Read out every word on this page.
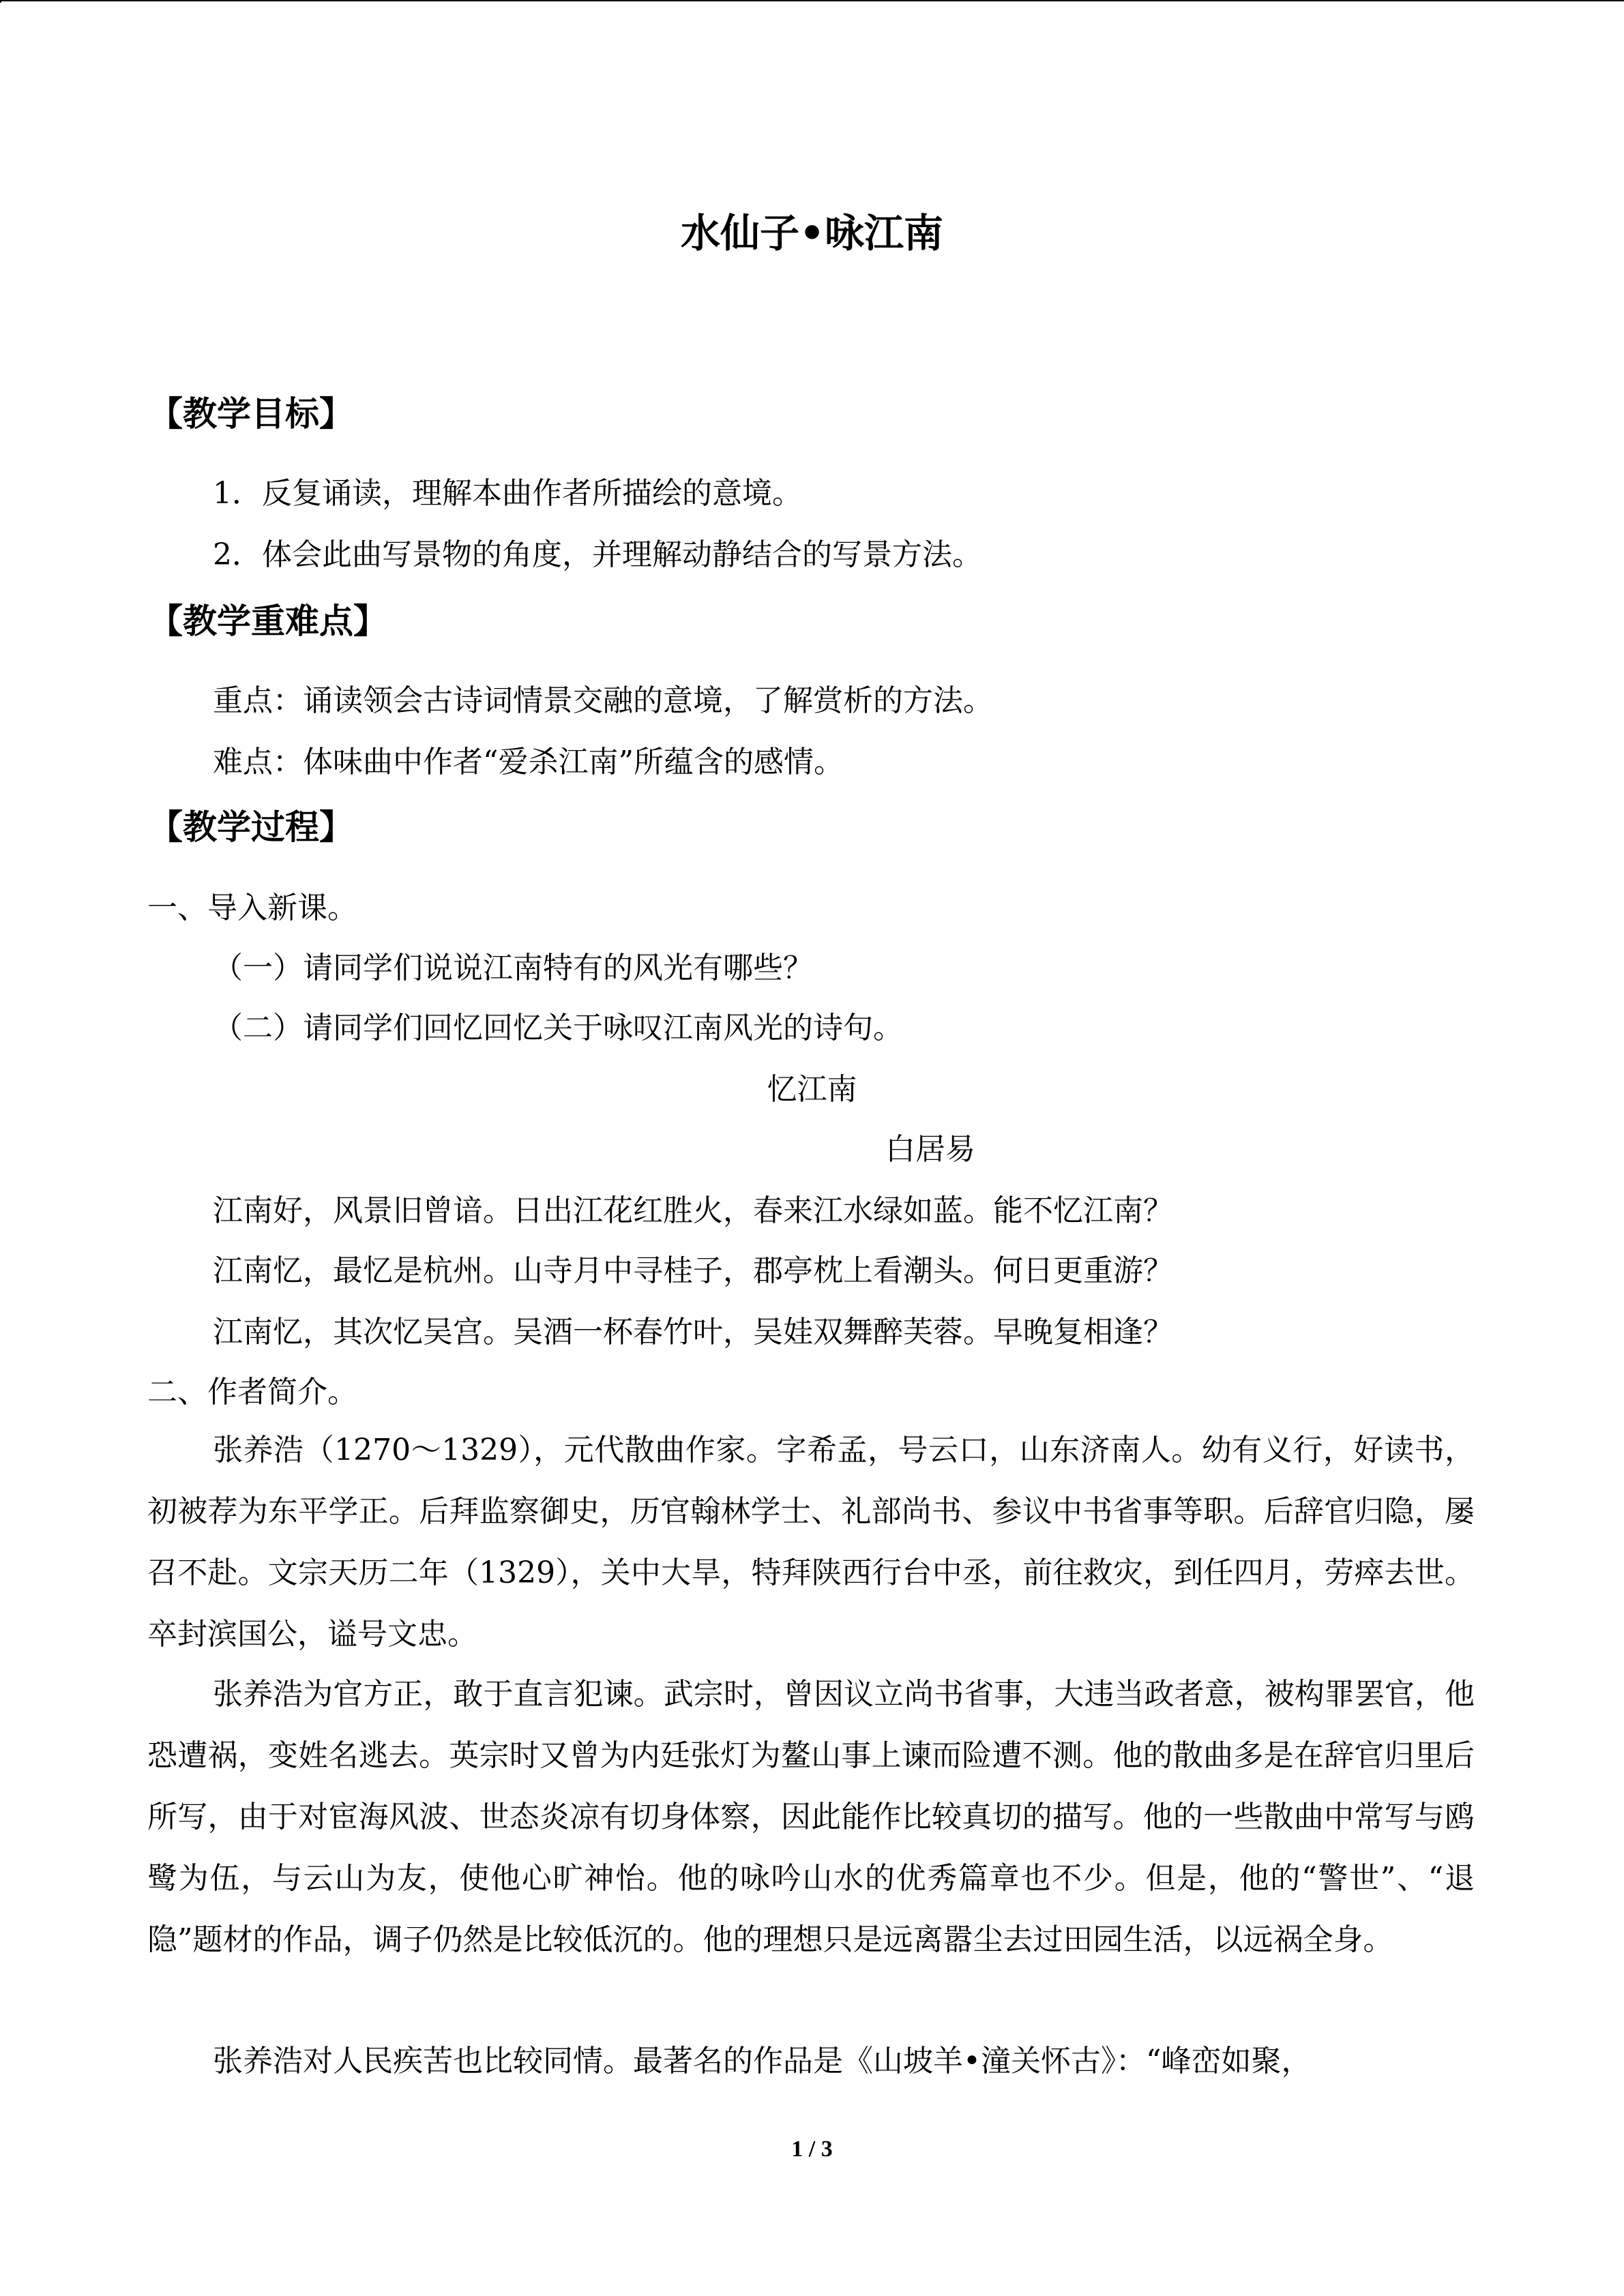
水仙子•咏江南
【教学目标】
1．反复诵读，理解本曲作者所描绘的意境。
2．体会此曲写景物的角度，并理解动静结合的写景方法。
【教学重难点】
重点：诵读领会古诗词情景交融的意境，了解赏析的方法。
难点：体味曲中作者“爱杀江南”所蕴含的感情。
【教学过程】
一、导入新课。
（一）请同学们说说江南特有的风光有哪些？
（二）请同学们回忆回忆关于咏叹江南风光的诗句。
忆江南
白居易
江南好，风景旧曾谙。日出江花红胜火，春来江水绿如蓝。能不忆江南？
江南忆，最忆是杭州。山寺月中寻桂子，郡亭枕上看潮头。何日更重游？
江南忆，其次忆吴宫。吴酒一杯春竹叶，吴娃双舞醉芙蓉。早晚复相逢？
二、作者简介。
张养浩（1270～1329），元代散曲作家。字希孟，号云口，山东济南人。幼有义行，好读书，初被荐为东平学正。后拜监察御史，历官翰林学士、礼部尚书、参议中书省事等职。后辞官归隐，屡召不赴。文宗天历二年（1329），关中大旱，特拜陕西行台中丞，前往救灾，到任四月，劳瘁去世。卒封滨国公，谥号文忠。
张养浩为官方正，敢于直言犯谏。武宗时，曾因议立尚书省事，大违当政者意，被构罪罢官，他恐遭祸，变姓名逃去。英宗时又曾为内廷张灯为鳌山事上谏而险遭不测。他的散曲多是在辞官归里后所写，由于对宦海风波、世态炎凉有切身体察，因此能作比较真切的描写。他的一些散曲中常写与鸥鹭为伍，与云山为友，使他心旷神怡。他的咏吟山水的优秀篇章也不少。但是，他的“警世”、“退隐”题材的作品，调子仍然是比较低沉的。他的理想只是远离嚣尘去过田园生活，以远祸全身。
张养浩对人民疾苦也比较同情。最著名的作品是《山坡羊•潼关怀古》：“峰峦如聚，
1 / 3
